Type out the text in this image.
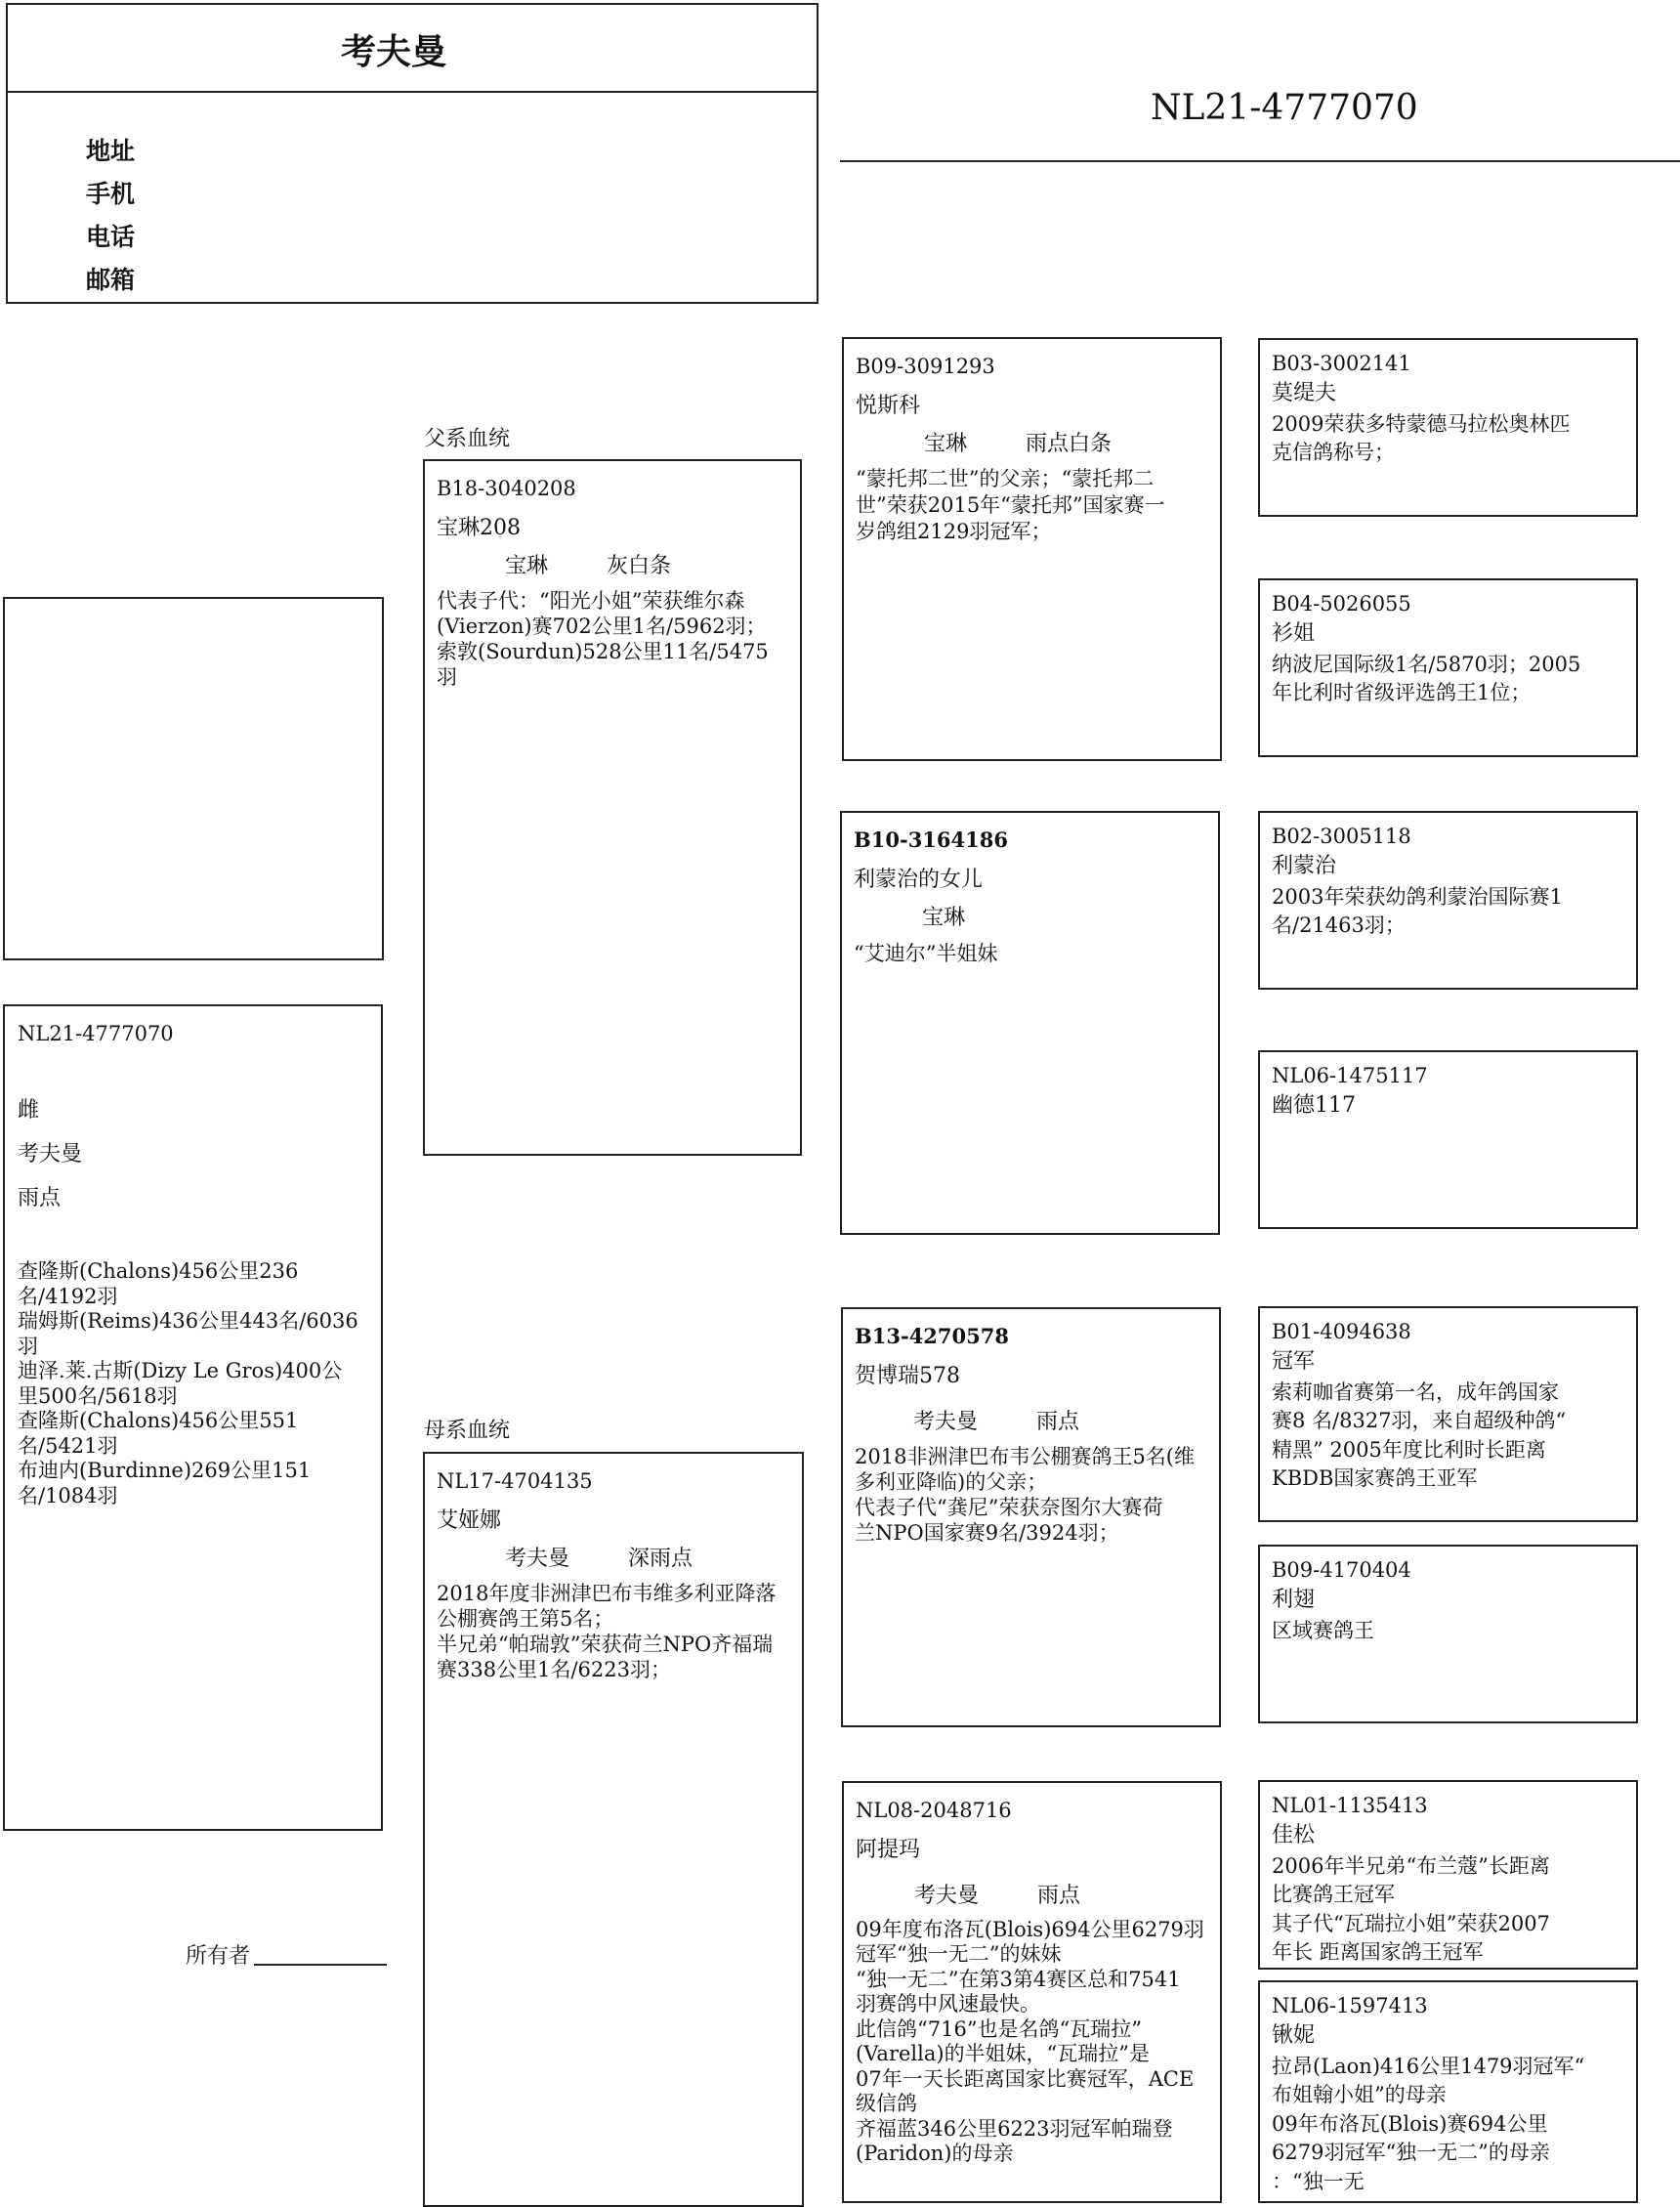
考夫曼
地址
手机
电话
邮箱
NL21-4777070
NL21-4777070
雌
考夫曼
雨点
查隆斯(Chalons)456公里236
名/4192羽
瑞姆斯(Reims)436公里443名/6036
羽
迪泽.莱.古斯(Dizy Le Gros)400公
里500名/5618羽
查隆斯(Chalons)456公里551
名/5421羽
布迪内(Burdinne)269公里151
名/1084羽
所有者
父系血统
母系血统
B18-3040208
宝琳208
宝琳	灰白条
代表子代：“阳光小姐”荣获维尔森
(Vierzon)赛702公里1名/5962羽；
索敦(Sourdun)528公里11名/5475
羽
NL17-4704135
艾娅娜
考夫曼	深雨点
2018年度非洲津巴布韦维多利亚降落
公棚赛鸽王第5名；
半兄弟“帕瑞敦”荣获荷兰NPO齐福瑞
赛338公里1名/6223羽；
B09-3091293
悦斯科
宝琳	雨点白条
“蒙托邦二世”的父亲；“蒙托邦二
世”荣获2015年“蒙托邦”国家赛一
岁鸽组2129羽冠军；
B10-3164186
利蒙治的女儿
宝琳
“艾迪尔”半姐妹
B13-4270578
贺博瑞578
考夫曼	雨点
2018非洲津巴布韦公棚赛鸽王5名(维
多利亚降临)的父亲；
代表子代“龚尼”荣获奈图尔大赛荷
兰NPO国家赛9名/3924羽；
NL08-2048716
阿提玛
考夫曼	雨点
09年度布洛瓦(Blois)694公里6279羽
冠军“独一无二”的妹妹
“独一无二”在第3第4赛区总和7541
羽赛鸽中风速最快。
此信鸽“716”也是名鸽“瓦瑞拉”
(Varella)的半姐妹，“瓦瑞拉”是
07年一天长距离国家比赛冠军，ACE
级信鸽
齐福蓝346公里6223羽冠军帕瑞登
(Paridon)的母亲
B03-3002141
莫缇夫
2009荣获多特蒙德马拉松奥林匹
克信鸽称号；
B04-5026055
衫姐
纳波尼国际级1名/5870羽；2005
年比利时省级评选鸽王1位；
B02-3005118
利蒙治
2003年荣获幼鸽利蒙治国际赛1
名/21463羽；
NL06-1475117
幽德117
B01-4094638
冠军
索莉咖省赛第一名，成年鸽国家
赛8 名/8327羽，来自超级种鸽“
精黑” 2005年度比利时长距离
KBDB国家赛鸽王亚军
B09-4170404
利翅
区域赛鸽王
NL01-1135413
佳松
2006年半兄弟“布兰蔻”长距离
比赛鸽王冠军
其子代“瓦瑞拉小姐”荣获2007
年长 距离国家鸽王冠军
NL06-1597413
锹妮
拉昂(Laon)416公里1479羽冠军“
布姐翰小姐”的母亲
09年布洛瓦(Blois)赛694公里
6279羽冠军“独一无二”的母亲
：“独一无
